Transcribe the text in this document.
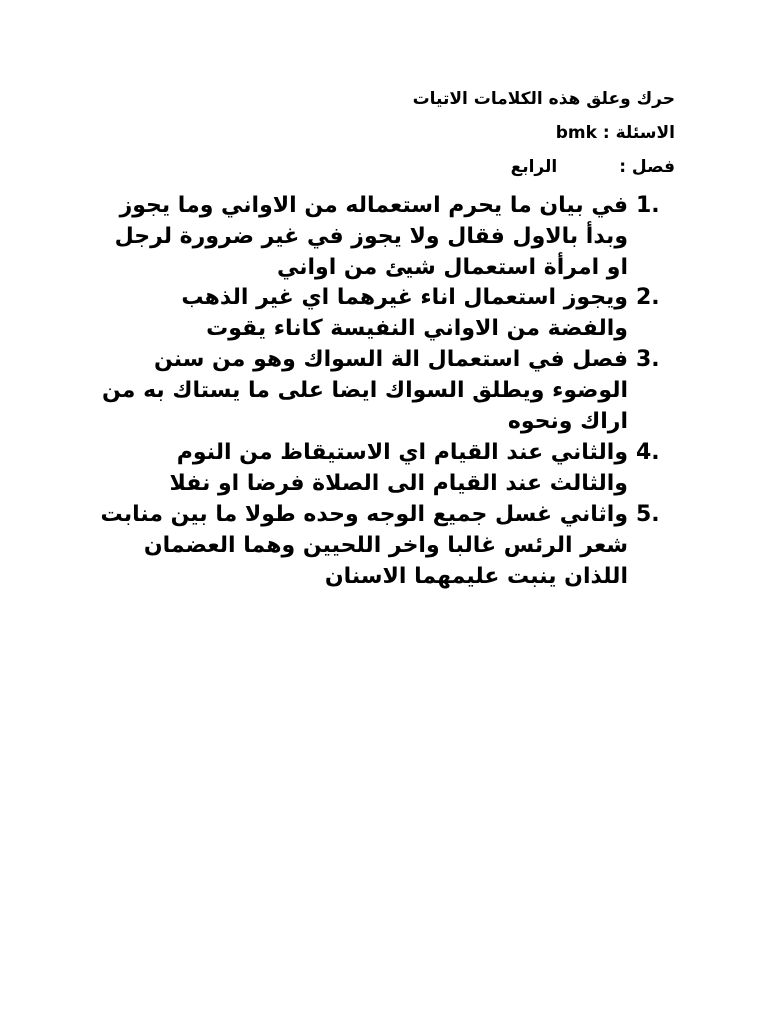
حرك وعلق هذه الكلامات الاتيات
الاسئلة : bmk
فصل :الرابع
1.
في بيان ما يحرم استعماله من الاواني وما يجوز وبدأ بالاول فقال ولا يجوز في غير ضرورة لرجل او امرأة استعمال شيئ من اواني
2.
ويجوز استعمال اناء غيرهما اي غير الذهب والفضة من الاواني النفيسة كاناء يقوت
3.
فصل في استعمال الة السواك وهو من سنن الوضوء ويطلق السواك ايضا على ما يستاك به من اراك ونحوه
4.
والثاني عند القيام اي الاستيقاظ من النوم والثالث عند القيام الى الصلاة فرضا او نفلا
5.
واثاني غسل جميع الوجه وحده طولا ما بين منابت شعر الرئس غالبا واخر اللحيين وهما العضمان اللذان ينبت عليمهما الاسنان
